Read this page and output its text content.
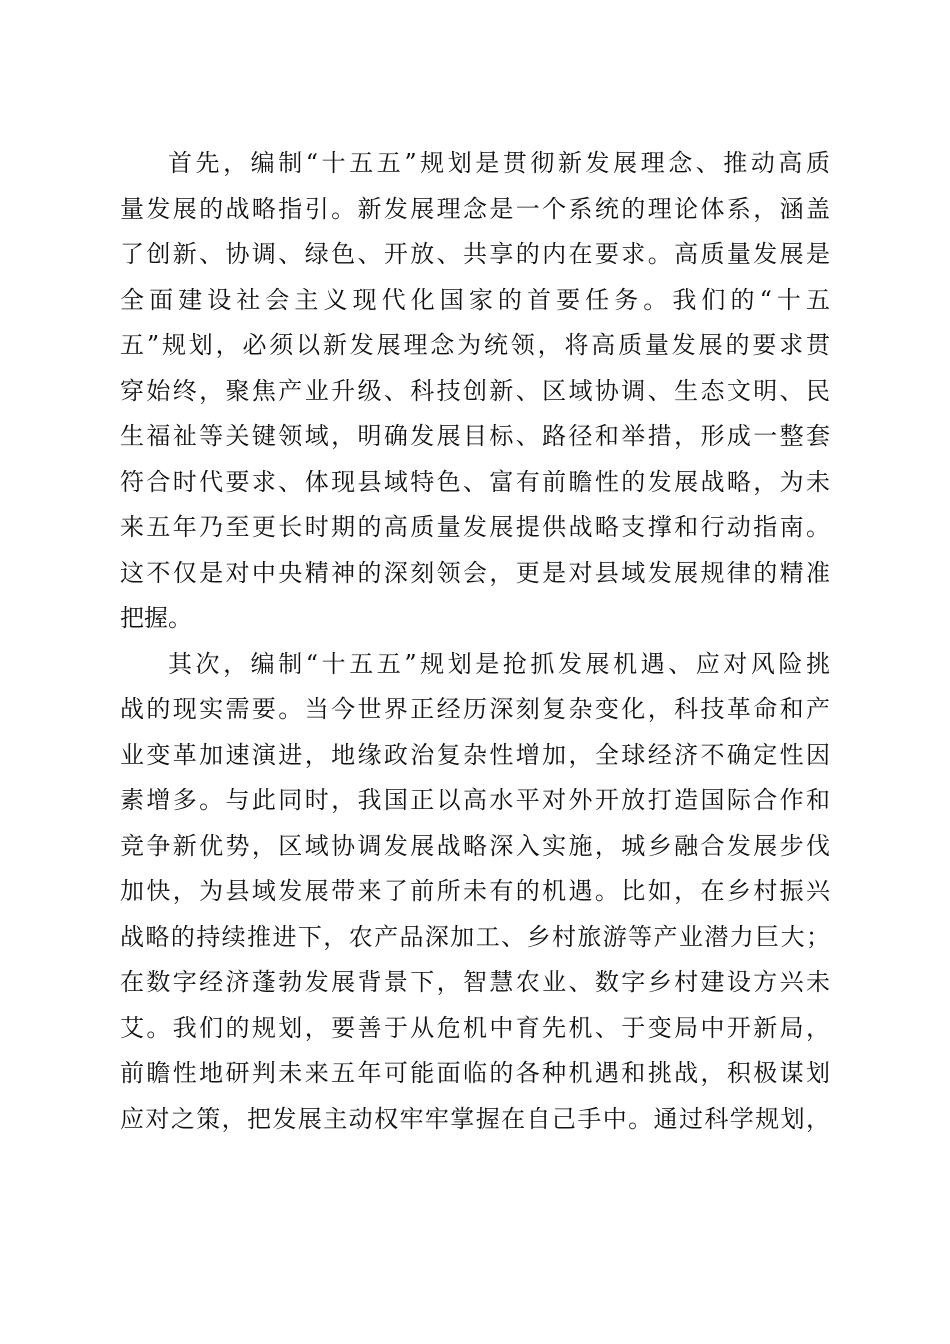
首先，编制“十五五”规划是贯彻新发展理念、推动高质
量发展的战略指引。新发展理念是一个系统的理论体系，涵盖
了创新、协调、绿色、开放、共享的内在要求。高质量发展是
全面建设社会主义现代化国家的首要任务。我们的“十五
五”规划，必须以新发展理念为统领，将高质量发展的要求贯
穿始终，聚焦产业升级、科技创新、区域协调、生态文明、民
生福祉等关键领域，明确发展目标、路径和举措，形成一整套
符合时代要求、体现县域特色、富有前瞻性的发展战略，为未
来五年乃至更长时期的高质量发展提供战略支撑和行动指南。
这不仅是对中央精神的深刻领会，更是对县域发展规律的精准
把握。
其次，编制“十五五”规划是抢抓发展机遇、应对风险挑
战的现实需要。当今世界正经历深刻复杂变化，科技革命和产
业变革加速演进，地缘政治复杂性增加，全球经济不确定性因
素增多。与此同时，我国正以高水平对外开放打造国际合作和
竞争新优势，区域协调发展战略深入实施，城乡融合发展步伐
加快，为县域发展带来了前所未有的机遇。比如，在乡村振兴
战略的持续推进下，农产品深加工、乡村旅游等产业潜力巨大；
在数字经济蓬勃发展背景下，智慧农业、数字乡村建设方兴未
艾。我们的规划，要善于从危机中育先机、于变局中开新局，
前瞻性地研判未来五年可能面临的各种机遇和挑战，积极谋划
应对之策，把发展主动权牢牢掌握在自己手中。通过科学规划，
